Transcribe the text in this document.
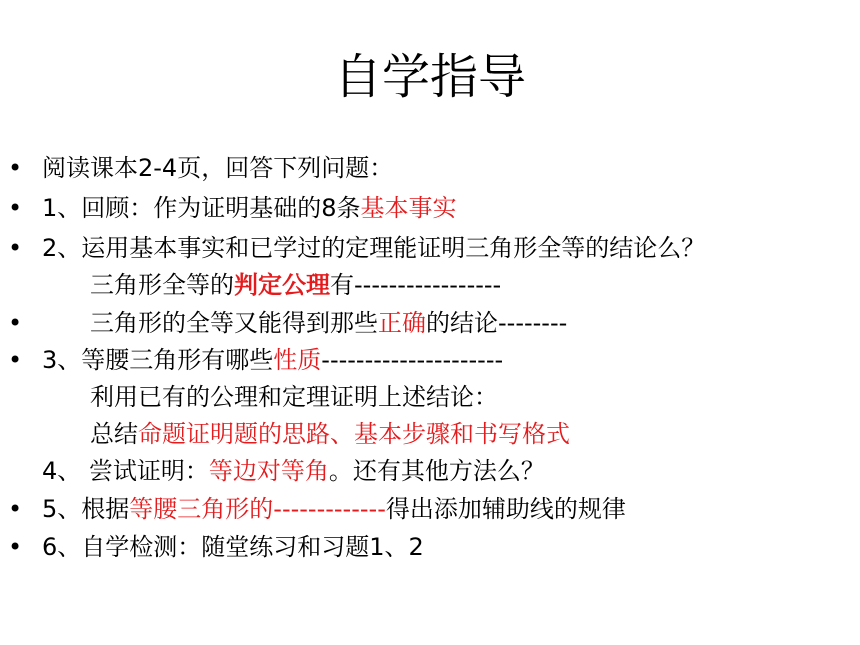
自学指导
• 阅读课本2-4页，回答下列问题：
• 1、回顾：作为证明基础的8条基本事实
• 2、运用基本事实和已学过的定理能证明三角形全等的结论么？
三角形全等的判定公理有-----------------
•	三角形的全等又能得到那些正确的结论--------
• 3、等腰三角形有哪些性质---------------------
利用已有的公理和定理证明上述结论：
总结命题证明题的思路、基本步骤和书写格式
4、 尝试证明：等边对等角。还有其他方法么？
• 5、根据等腰三角形的-------------得出添加辅助线的规律
• 6、自学检测：随堂练习和习题1、2
